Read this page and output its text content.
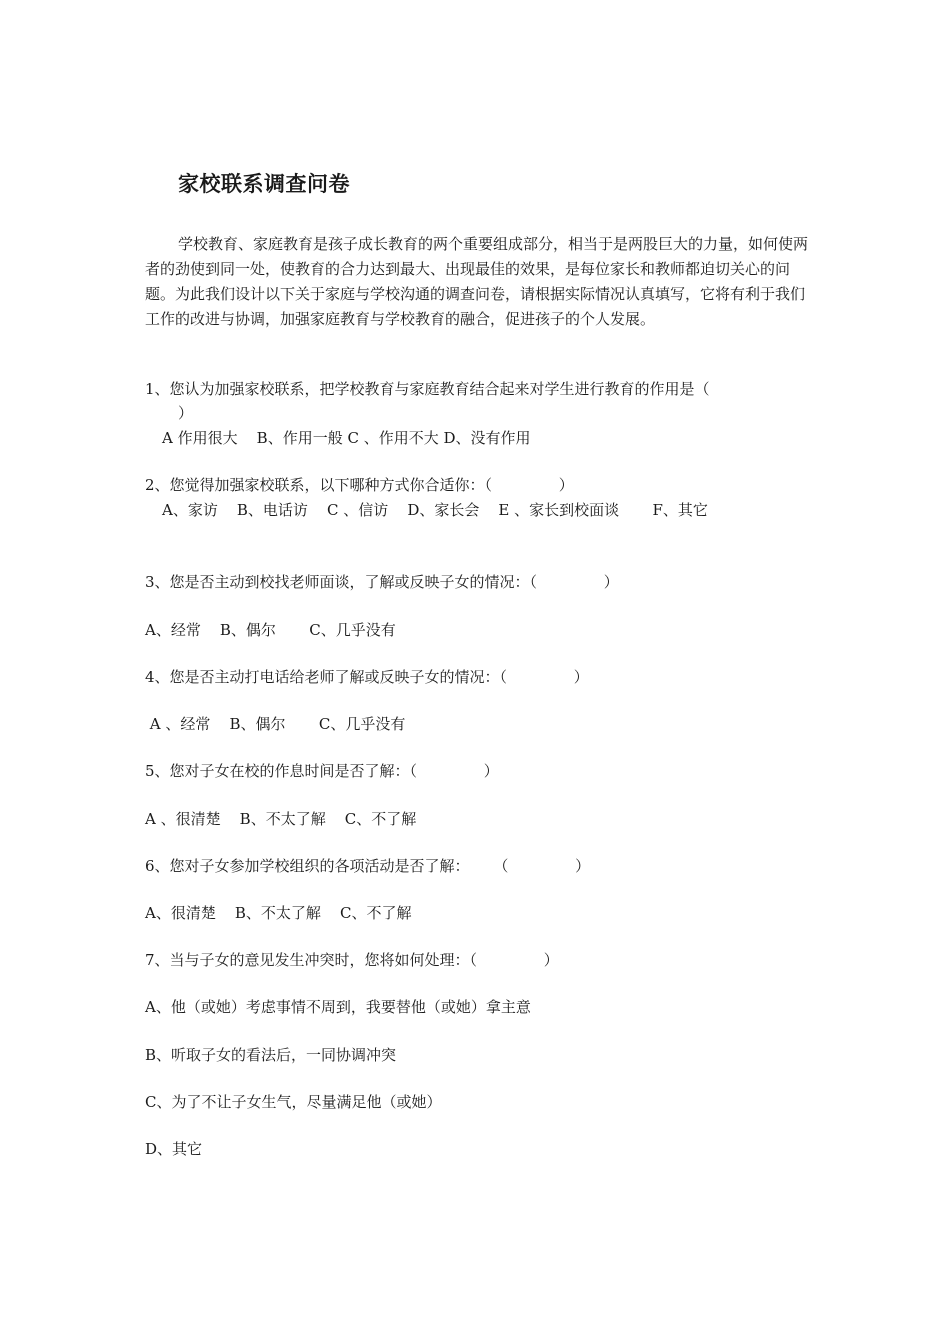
家校联系调查问卷

学校教育、家庭教育是孩子成长教育的两个重要组成部分，相当于是两股巨大的力量，如何使两者的劲使到同一处，使教育的合力达到最大、出现最佳的效果，是每位家长和教师都迫切关心的问题。为此我们设计以下关于家庭与学校沟通的调查问卷，请根据实际情况认真填写，它将有利于我们工作的改进与协调，加强家庭教育与学校教育的融合，促进孩子的个人发展。

1、您认为加强家校联系，把学校教育与家庭教育结合起来对学生进行教育的作用是（

）

A 作用很大    B、作用一般 C 、作用不大 D、没有作用

2、您觉得加强家校联系，以下哪种方式你合适你：（              ）

A、家访    B、电话访    C 、信访    D、家长会    E 、家长到校面谈       F、其它

3、您是否主动到校找老师面谈，了解或反映子女的情况：（              ）

A、经常    B、偶尔       C、几乎没有

4、您是否主动打电话给老师了解或反映子女的情况：（              ）

A 、经常    B、偶尔       C、几乎没有

5、您对子女在校的作息时间是否了解：（              ）

A 、很清楚    B、不太了解    C、不了解

6、您对子女参加学校组织的各项活动是否了解：     （              ）

A、很清楚    B、不太了解    C、不了解

7、当与子女的意见发生冲突时，您将如何处理：（              ）

A、他（或她）考虑事情不周到，我要替他（或她）拿主意

B、听取子女的看法后，一同协调冲突

C、为了不让子女生气，尽量满足他（或她）

D、其它
